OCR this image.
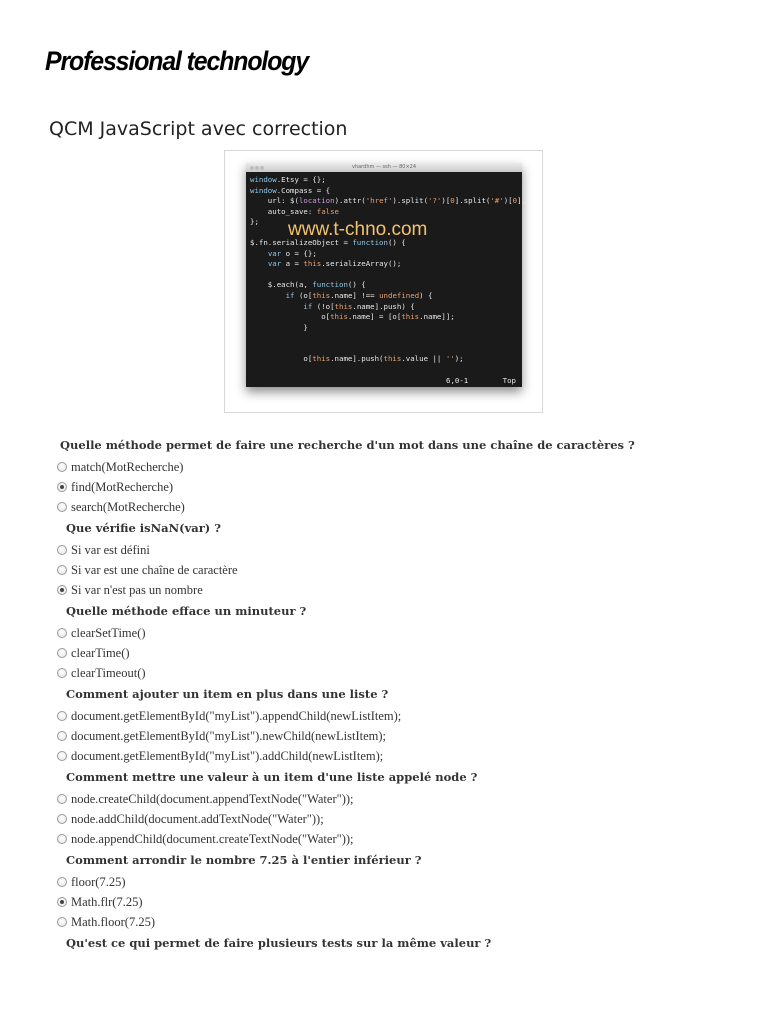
Professional technology
QCM JavaScript avec correction
vhardhm — ssh — 80×24
window.Etsy = {};
window.Compass = {
url: $(location).attr('href').split('?')[0].split('#')[0],
auto_save: false
};

$.fn.serializeObject = function() {
var o = {};
var a = this.serializeArray();

$.each(a, function() {
if (o[this.name] !== undefined) {
if (!o[this.name].push) {
o[this.name] = [o[this.name]];
}

o[this.name].push(this.value || '');

www.t-chno.com
6,0-1	Top
Quelle méthode permet de faire une recherche d'un mot dans une chaîne de caractères ?
match(MotRecherche)
find(MotRecherche)
search(MotRecherche)
Que vérifie isNaN(var) ?
Si var est défini
Si var est une chaîne de caractère
Si var n'est pas un nombre
Quelle méthode efface un minuteur ?
clearSetTime()
clearTime()
clearTimeout()
Comment ajouter un item en plus dans une liste ?
document.getElementById("myList").appendChild(newListItem);
document.getElementById("myList").newChild(newListItem);
document.getElementById("myList").addChild(newListItem);
Comment mettre une valeur à un item d'une liste appelé node ?
node.createChild(document.appendTextNode("Water"));
node.addChild(document.addTextNode("Water"));
node.appendChild(document.createTextNode("Water"));
Comment arrondir le nombre 7.25 à l'entier inférieur ?
floor(7.25)
Math.flr(7.25)
Math.floor(7.25)
Qu'est ce qui permet de faire plusieurs tests sur la même valeur ?
